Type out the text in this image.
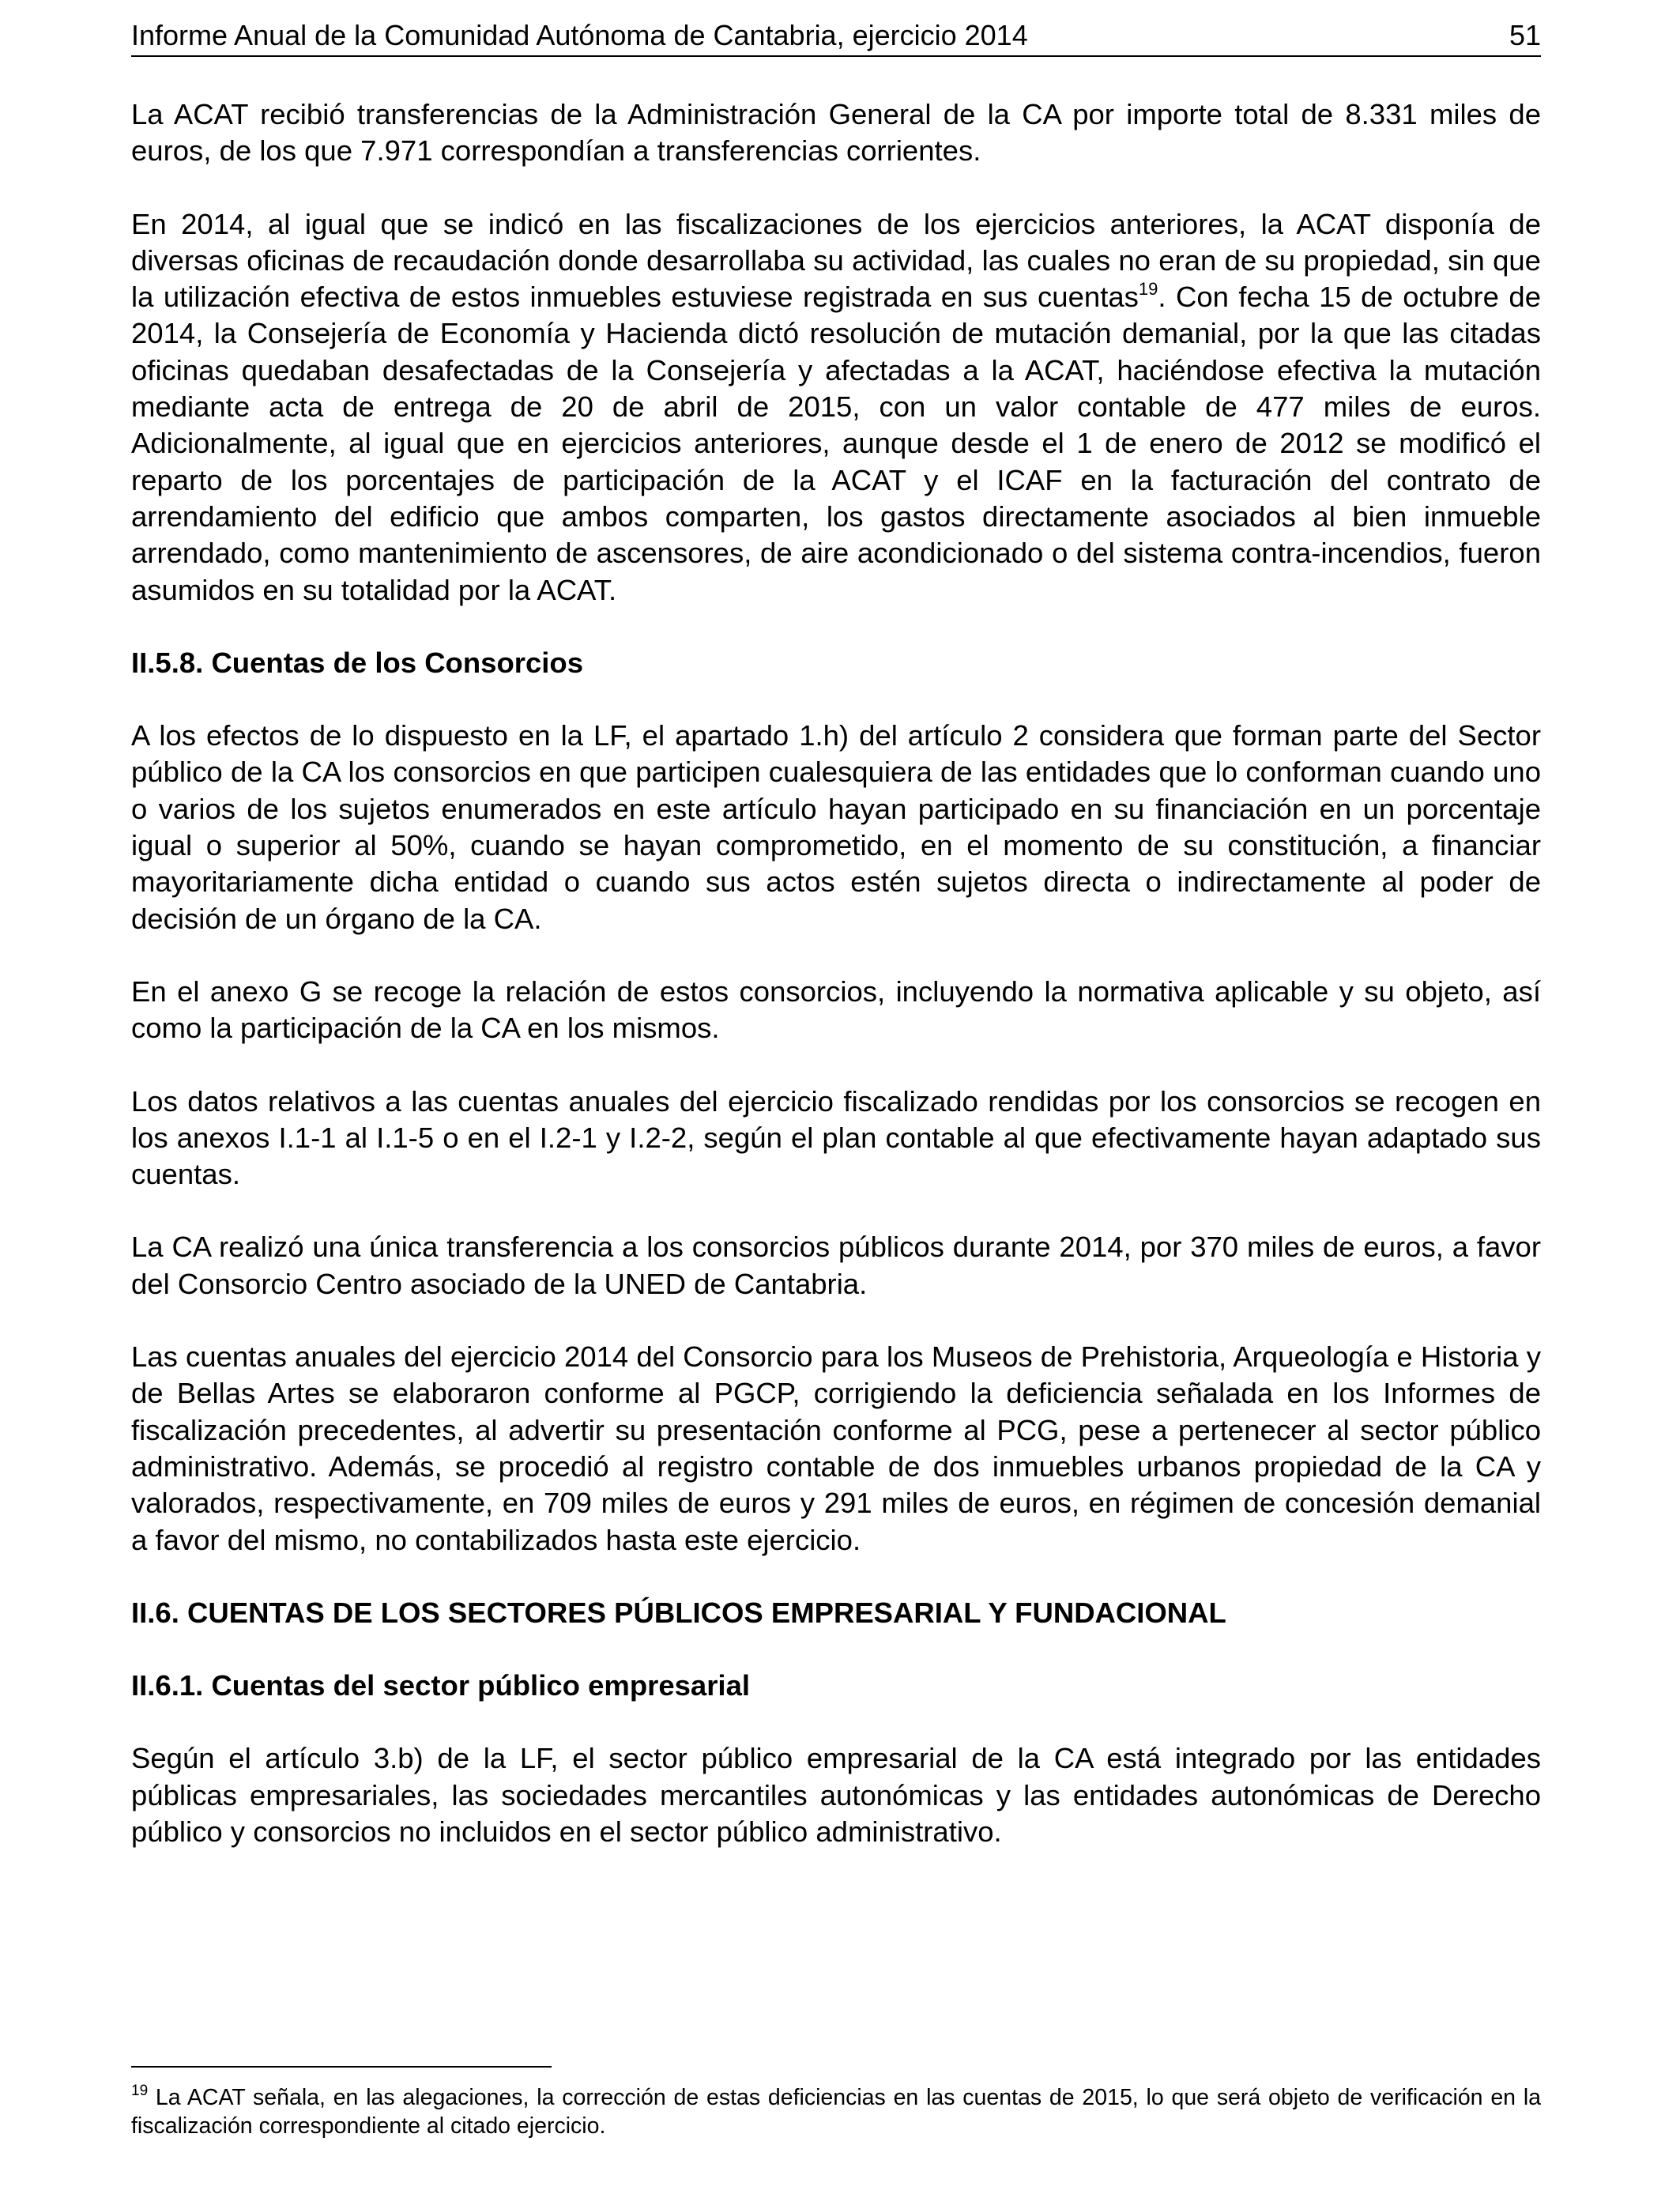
Informe Anual de la Comunidad Autónoma de Cantabria, ejercicio 2014	51

La ACAT recibió transferencias de la Administración General de la CA por importe total de 8.331 miles de euros, de los que 7.971 correspondían a transferencias corrientes.

En 2014, al igual que se indicó en las fiscalizaciones de los ejercicios anteriores, la ACAT disponía de diversas oficinas de recaudación donde desarrollaba su actividad, las cuales no eran de su propiedad, sin que la utilización efectiva de estos inmuebles estuviese registrada en sus cuentas$^{19}$. Con fecha 15 de octubre de 2014, la Consejería de Economía y Hacienda dictó resolución de mutación demanial, por la que las citadas oficinas quedaban desafectadas de la Consejería y afectadas a la ACAT, haciéndose efectiva la mutación mediante acta de entrega de 20 de abril de 2015, con un valor contable de 477 miles de euros. Adicionalmente, al igual que en ejercicios anteriores, aunque desde el 1 de enero de 2012 se modificó el reparto de los porcentajes de participación de la ACAT y el ICAF en la facturación del contrato de arrendamiento del edificio que ambos comparten, los gastos directamente asociados al bien inmueble arrendado, como mantenimiento de ascensores, de aire acondicionado o del sistema contra-incendios, fueron asumidos en su totalidad por la ACAT.

II.5.8. Cuentas de los Consorcios

A los efectos de lo dispuesto en la LF, el apartado 1.h) del artículo 2 considera que forman parte del Sector público de la CA los consorcios en que participen cualesquiera de las entidades que lo conforman cuando uno o varios de los sujetos enumerados en este artículo hayan participado en su financiación en un porcentaje igual o superior al 50%, cuando se hayan comprometido, en el momento de su constitución, a financiar mayoritariamente dicha entidad o cuando sus actos estén sujetos directa o indirectamente al poder de decisión de un órgano de la CA.

En el anexo G se recoge la relación de estos consorcios, incluyendo la normativa aplicable y su objeto, así como la participación de la CA en los mismos.

Los datos relativos a las cuentas anuales del ejercicio fiscalizado rendidas por los consorcios se recogen en los anexos I.1-1 al I.1-5 o en el I.2-1 y I.2-2, según el plan contable al que efectivamente hayan adaptado sus cuentas.

La CA realizó una única transferencia a los consorcios públicos durante 2014, por 370 miles de euros, a favor del Consorcio Centro asociado de la UNED de Cantabria.

Las cuentas anuales del ejercicio 2014 del Consorcio para los Museos de Prehistoria, Arqueología e Historia y de Bellas Artes se elaboraron conforme al PGCP, corrigiendo la deficiencia señalada en los Informes de fiscalización precedentes, al advertir su presentación conforme al PCG, pese a pertenecer al sector público administrativo. Además, se procedió al registro contable de dos inmuebles urbanos propiedad de la CA y valorados, respectivamente, en 709 miles de euros y 291 miles de euros, en régimen de concesión demanial a favor del mismo, no contabilizados hasta este ejercicio.

II.6. CUENTAS DE LOS SECTORES PÚBLICOS EMPRESARIAL Y FUNDACIONAL
II.6.1. Cuentas del sector público empresarial

Según el artículo 3.b) de la LF, el sector público empresarial de la CA está integrado por las entidades públicas empresariales, las sociedades mercantiles autonómicas y las entidades autonómicas de Derecho público y consorcios no incluidos en el sector público administrativo.

$^{19}$ La ACAT señala, en las alegaciones, la corrección de estas deficiencias en las cuentas de 2015, lo que será objeto de verificación en la fiscalización correspondiente al citado ejercicio.
